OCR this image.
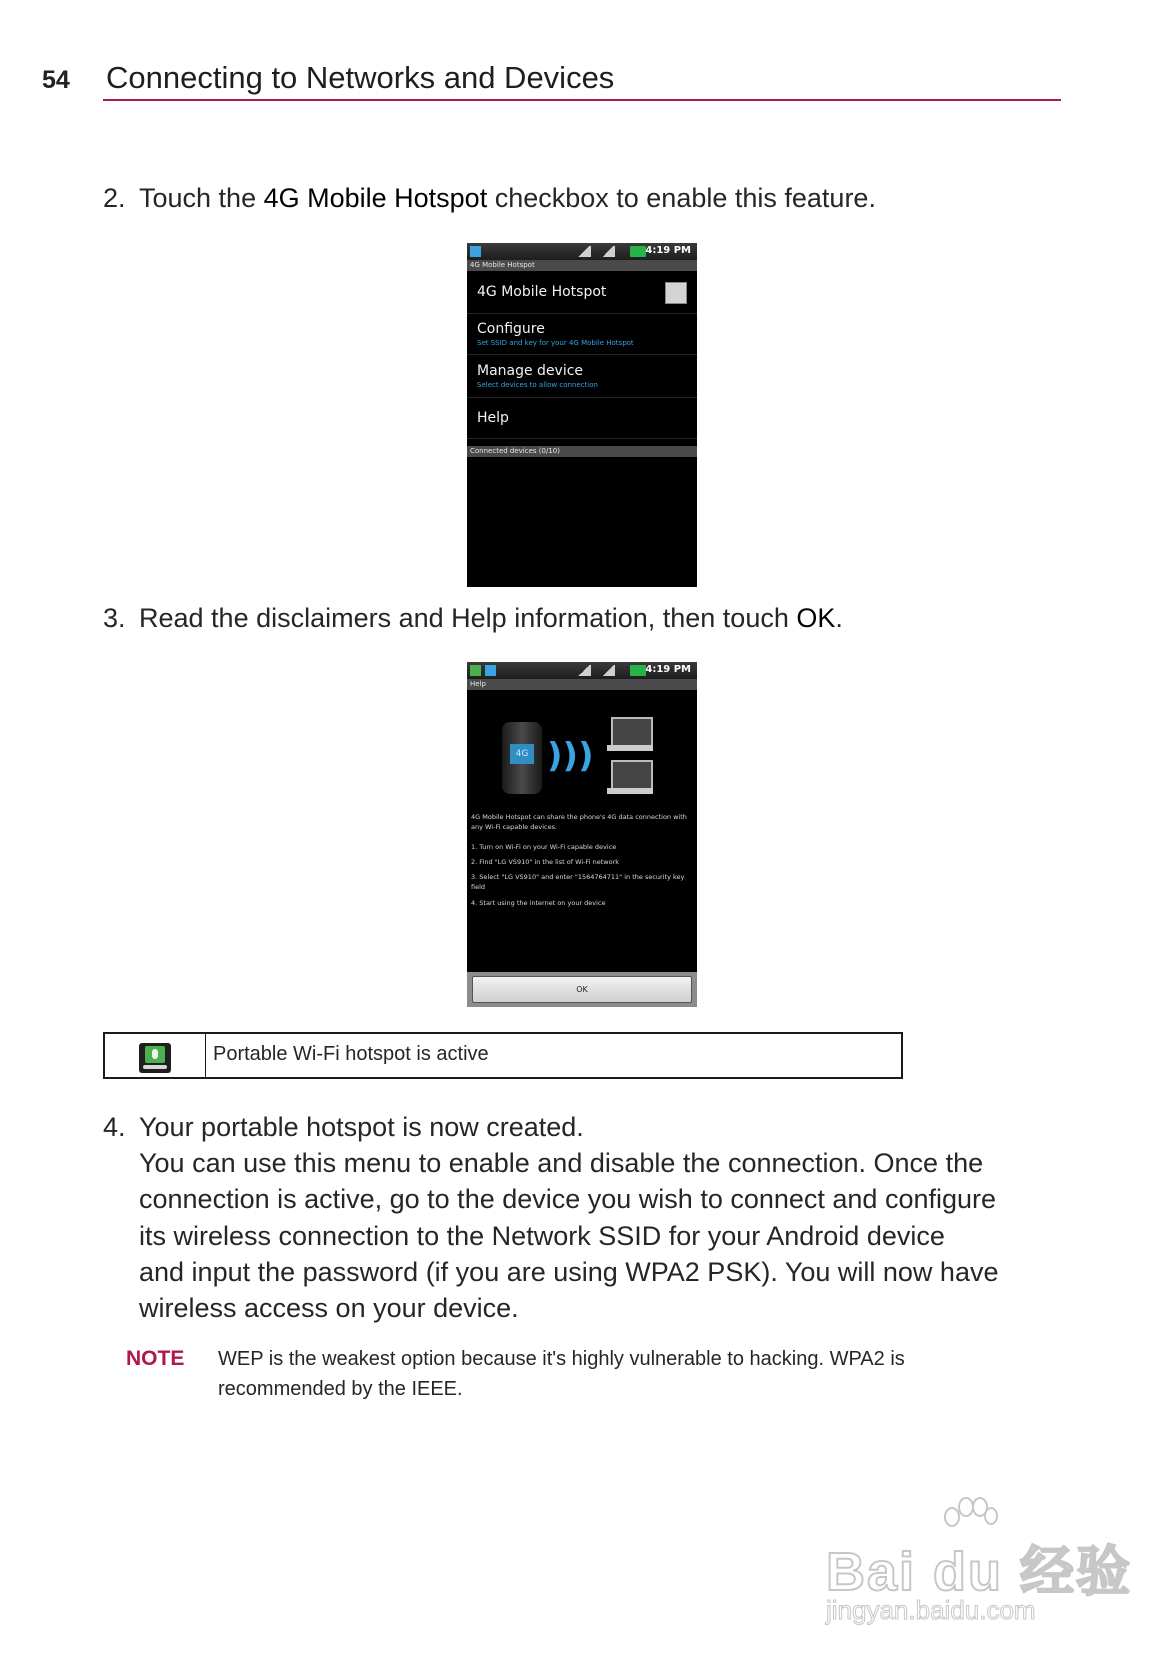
54 Connecting to Networks and Devices
2. Touch the 4G Mobile Hotspot checkbox to enable this feature.
4:19 PM
4G Mobile Hotspot
4G Mobile Hotspot
Configure
Set SSID and key for your 4G Mobile Hotspot
Manage device
Select devices to allow connection
Help
Connected devices (0/10)
3. Read the disclaimers and Help information, then touch OK.
4:19 PM
Help
4G )))
4G Mobile Hotspot can share the phone's 4G data connection with any Wi-Fi capable devices.
1. Turn on Wi-Fi on your Wi-Fi capable device
2. Find "LG VS910" in the list of Wi-Fi network
3. Select "LG VS910" and enter "1564764711" in the security key field
4. Start using the internet on your device
OK
Portable Wi-Fi hotspot is active
4. Your portable hotspot is now created.
You can use this menu to enable and disable the connection. Once the
connection is active, go to the device you wish to connect and configure
its wireless connection to the Network SSID for your Android device
and input the password (if you are using WPA2 PSK). You will now have
wireless access on your device.
NOTE WEP is the weakest option because it's highly vulnerable to hacking. WPA2 is
recommended by the IEEE.
Bai du 经验
jingyan.baidu.com
